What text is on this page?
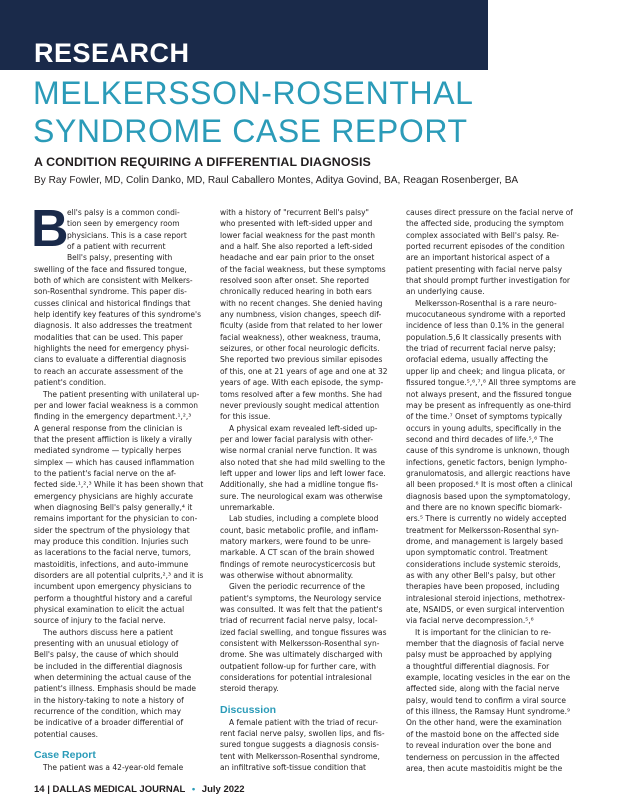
RESEARCH
MELKERSSON-ROSENTHAL
SYNDROME CASE REPORT
A CONDITION REQUIRING A DIFFERENTIAL DIAGNOSIS
By Ray Fowler, MD, Colin Danko, MD, Raul Caballero Montes, Aditya Govind, BA, Reagan Rosenberger, BA
B
ell's palsy is a common condi-
tion seen by emergency room
physicians. This is a case report
of a patient with recurrent
Bell's palsy, presenting with
swelling of the face and fissured tongue,
both of which are consistent with Melkers-
son-Rosenthal syndrome. This paper dis-
cusses clinical and historical findings that
help identify key features of this syndrome's
diagnosis. It also addresses the treatment
modalities that can be used. This paper
highlights the need for emergency physi-
cians to evaluate a differential diagnosis
to reach an accurate assessment of the
patient's condition.
The patient presenting with unilateral up-
per and lower facial weakness is a common
finding in the emergency department.¹,²,³
A general response from the clinician is
that the present affliction is likely a virally
mediated syndrome — typically herpes
simplex — which has caused inflammation
to the patient's facial nerve on the af-
fected side.¹,²,³ While it has been shown that
emergency physicians are highly accurate
when diagnosing Bell's palsy generally,⁴ it
remains important for the physician to con-
sider the spectrum of the physiology that
may produce this condition. Injuries such
as lacerations to the facial nerve, tumors,
mastoiditis, infections, and auto-immune
disorders are all potential culprits,²,³ and it is
incumbent upon emergency physicians to
perform a thoughtful history and a careful
physical examination to elicit the actual
source of injury to the facial nerve.
The authors discuss here a patient
presenting with an unusual etiology of
Bell's palsy, the cause of which should
be included in the differential diagnosis
when determining the actual cause of the
patient's illness. Emphasis should be made
in the history-taking to note a history of
recurrence of the condition, which may
be indicative of a broader differential of
potential causes.
Case Report
The patient was a 42-year-old female
with a history of "recurrent Bell's palsy"
who presented with left-sided upper and
lower facial weakness for the past month
and a half. She also reported a left-sided
headache and ear pain prior to the onset
of the facial weakness, but these symptoms
resolved soon after onset. She reported
chronically reduced hearing in both ears
with no recent changes. She denied having
any numbness, vision changes, speech dif-
ficulty (aside from that related to her lower
facial weakness), other weakness, trauma,
seizures, or other focal neurologic deficits.
She reported two previous similar episodes
of this, one at 21 years of age and one at 32
years of age. With each episode, the symp-
toms resolved after a few months. She had
never previously sought medical attention
for this issue.
A physical exam revealed left-sided up-
per and lower facial paralysis with other-
wise normal cranial nerve function. It was
also noted that she had mild swelling to the
left upper and lower lips and left lower face.
Additionally, she had a midline tongue fis-
sure. The neurological exam was otherwise
unremarkable.
Lab studies, including a complete blood
count, basic metabolic profile, and inflam-
matory markers, were found to be unre-
markable. A CT scan of the brain showed
findings of remote neurocysticercosis but
was otherwise without abnormality.
Given the periodic recurrence of the
patient's symptoms, the Neurology service
was consulted. It was felt that the patient's
triad of recurrent facial nerve palsy, local-
ized facial swelling, and tongue fissures was
consistent with Melkersson-Rosenthal syn-
drome. She was ultimately discharged with
outpatient follow-up for further care, with
considerations for potential intralesional
steroid therapy.
Discussion
A female patient with the triad of recur-
rent facial nerve palsy, swollen lips, and fis-
sured tongue suggests a diagnosis consis-
tent with Melkersson-Rosenthal syndrome,
an infiltrative soft-tissue condition that
causes direct pressure on the facial nerve of
the affected side, producing the symptom
complex associated with Bell's palsy. Re-
ported recurrent episodes of the condition
are an important historical aspect of a
patient presenting with facial nerve palsy
that should prompt further investigation for
an underlying cause.
Melkersson-Rosenthal is a rare neuro-
mucocutaneous syndrome with a reported
incidence of less than 0.1% in the general
population.5,6 It classically presents with
the triad of recurrent facial nerve palsy;
orofacial edema, usually affecting the
upper lip and cheek; and lingua plicata, or
fissured tongue.⁵,⁶,⁷,⁸ All three symptoms are
not always present, and the fissured tongue
may be present as infrequently as one-third
of the time.⁷ Onset of symptoms typically
occurs in young adults, specifically in the
second and third decades of life.⁵,⁶ The
cause of this syndrome is unknown, though
infections, genetic factors, benign lympho-
granulomatosis, and allergic reactions have
all been proposed.⁶ It is most often a clinical
diagnosis based upon the symptomatology,
and there are no known specific biomark-
ers.⁵ There is currently no widely accepted
treatment for Melkersson-Rosenthal syn-
drome, and management is largely based
upon symptomatic control. Treatment
considerations include systemic steroids,
as with any other Bell's palsy, but other
therapies have been proposed, including
intralesional steroid injections, methotrex-
ate, NSAIDS, or even surgical intervention
via facial nerve decompression.⁵,⁶
It is important for the clinician to re-
member that the diagnosis of facial nerve
palsy must be approached by applying
a thoughtful differential diagnosis. For
example, locating vesicles in the ear on the
affected side, along with the facial nerve
palsy, would tend to confirm a viral source
of this illness, the Ramsay Hunt syndrome.⁹
On the other hand, were the examination
of the mastoid bone on the affected side
to reveal induration over the bone and
tenderness on percussion in the affected
area, then acute mastoiditis might be the
14 | DALLAS MEDICAL JOURNAL • July 2022
